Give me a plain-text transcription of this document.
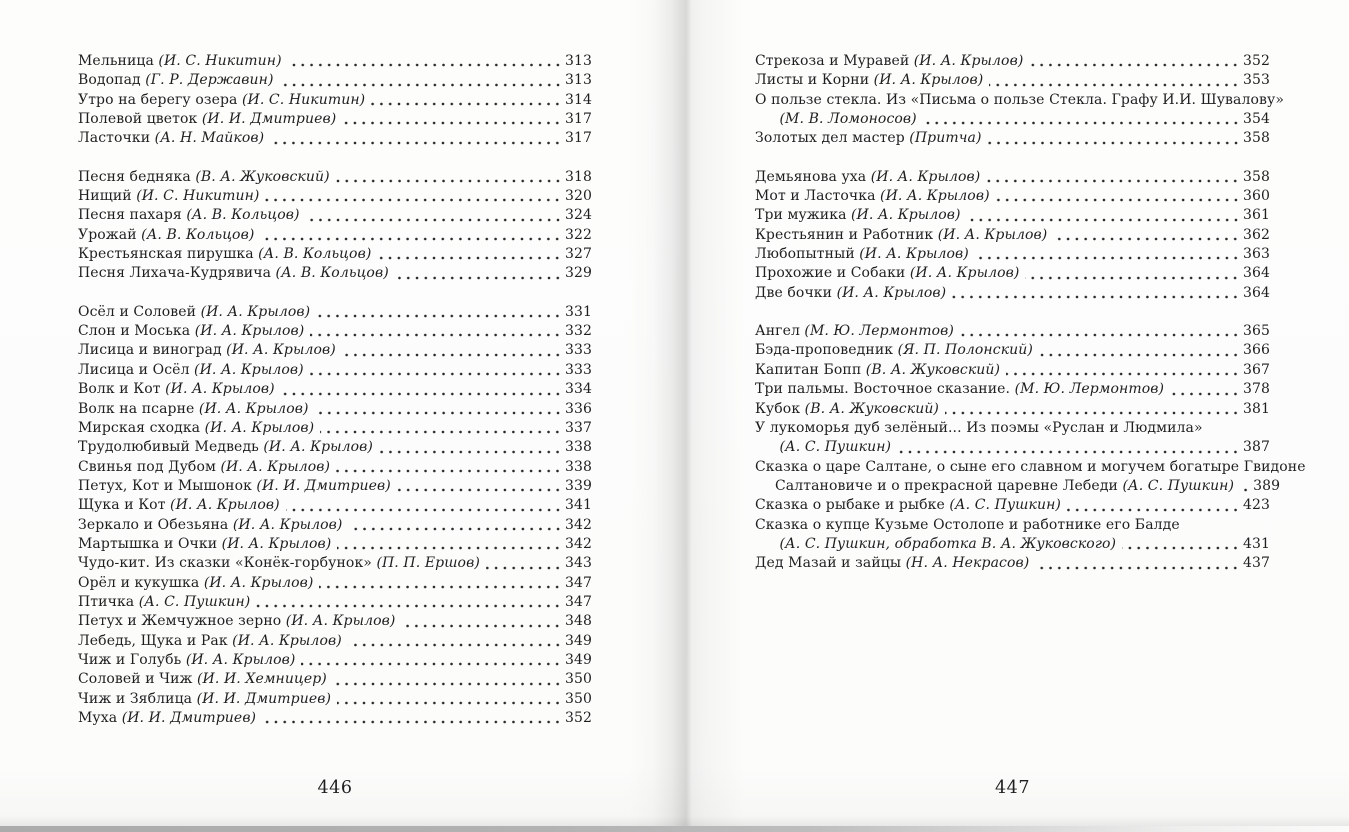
Мельница (И. С. Никитин)	313
Водопад (Г. Р. Державин)	313
Утро на берегу озера (И. С. Никитин)	314
Полевой цветок (И. И. Дмитриев)	317
Ласточки (А. Н. Майков)	317
Песня бедняка (В. А. Жуковский)	318
Нищий (И. С. Никитин)	320
Песня пахаря (А. В. Кольцов)	324
Урожай (А. В. Кольцов)	322
Крестьянская пирушка (А. В. Кольцов)	327
Песня Лихача-Кудрявича (А. В. Кольцов)	329
Осёл и Соловей (И. А. Крылов)	331
Слон и Моська (И. А. Крылов)	332
Лисица и виноград (И. А. Крылов)	333
Лисица и Осёл (И. А. Крылов)	333
Волк и Кот (И. А. Крылов)	334
Волк на псарне (И. А. Крылов)	336
Мирская сходка (И. А. Крылов)	337
Трудолюбивый Медведь (И. А. Крылов)	338
Свинья под Дубом (И. А. Крылов)	338
Петух, Кот и Мышонок (И. И. Дмитриев)	339
Щука и Кот (И. А. Крылов)	341
Зеркало и Обезьяна (И. А. Крылов)	342
Мартышка и Очки (И. А. Крылов)	342
Чудо-кит. Из сказки «Конёк-горбунок» (П. П. Ершов)	343
Орёл и кукушка (И. А. Крылов)	347
Птичка (А. С. Пушкин)	347
Петух и Жемчужное зерно (И. А. Крылов)	348
Лебедь, Щука и Рак (И. А. Крылов)	349
Чиж и Голубь (И. А. Крылов)	349
Соловей и Чиж (И. И. Хемницер)	350
Чиж и Зяблица (И. И. Дмитриев)	350
Муха (И. И. Дмитриев)	352
446
Стрекоза и Муравей (И. А. Крылов)	352
Листы и Корни (И. А. Крылов)	353
О пользе стекла. Из «Письма о пользе Стекла. Графу И.И. Шувалову»
(М. В. Ломоносов)	354
Золотых дел мастер (Притча)	358
Демьянова уха (И. А. Крылов)	358
Мот и Ласточка (И. А. Крылов)	360
Три мужика (И. А. Крылов)	361
Крестьянин и Работник (И. А. Крылов)	362
Любопытный (И. А. Крылов)	363
Прохожие и Собаки (И. А. Крылов)	364
Две бочки (И. А. Крылов)	364
Ангел (М. Ю. Лермонтов)	365
Бэда-проповедник (Я. П. Полонский)	366
Капитан Бопп (В. А. Жуковский)	367
Три пальмы. Восточное сказание. (М. Ю. Лермонтов)	378
Кубок (В. А. Жуковский)	381
У лукоморья дуб зелёный... Из поэмы «Руслан и Людмила»
(А. С. Пушкин)	387
Сказка о царе Салтане, о сыне его славном и могучем богатыре Гвидоне
Салтановиче и о прекрасной царевне Лебеди (А. С. Пушкин) 389
Сказка о рыбаке и рыбке (А. С. Пушкин)	423
Сказка о купце Кузьме Остолопе и работнике его Балде
(А. С. Пушкин, обработка В. А. Жуковского)	431
Дед Мазай и зайцы (Н. А. Некрасов)	437
447
